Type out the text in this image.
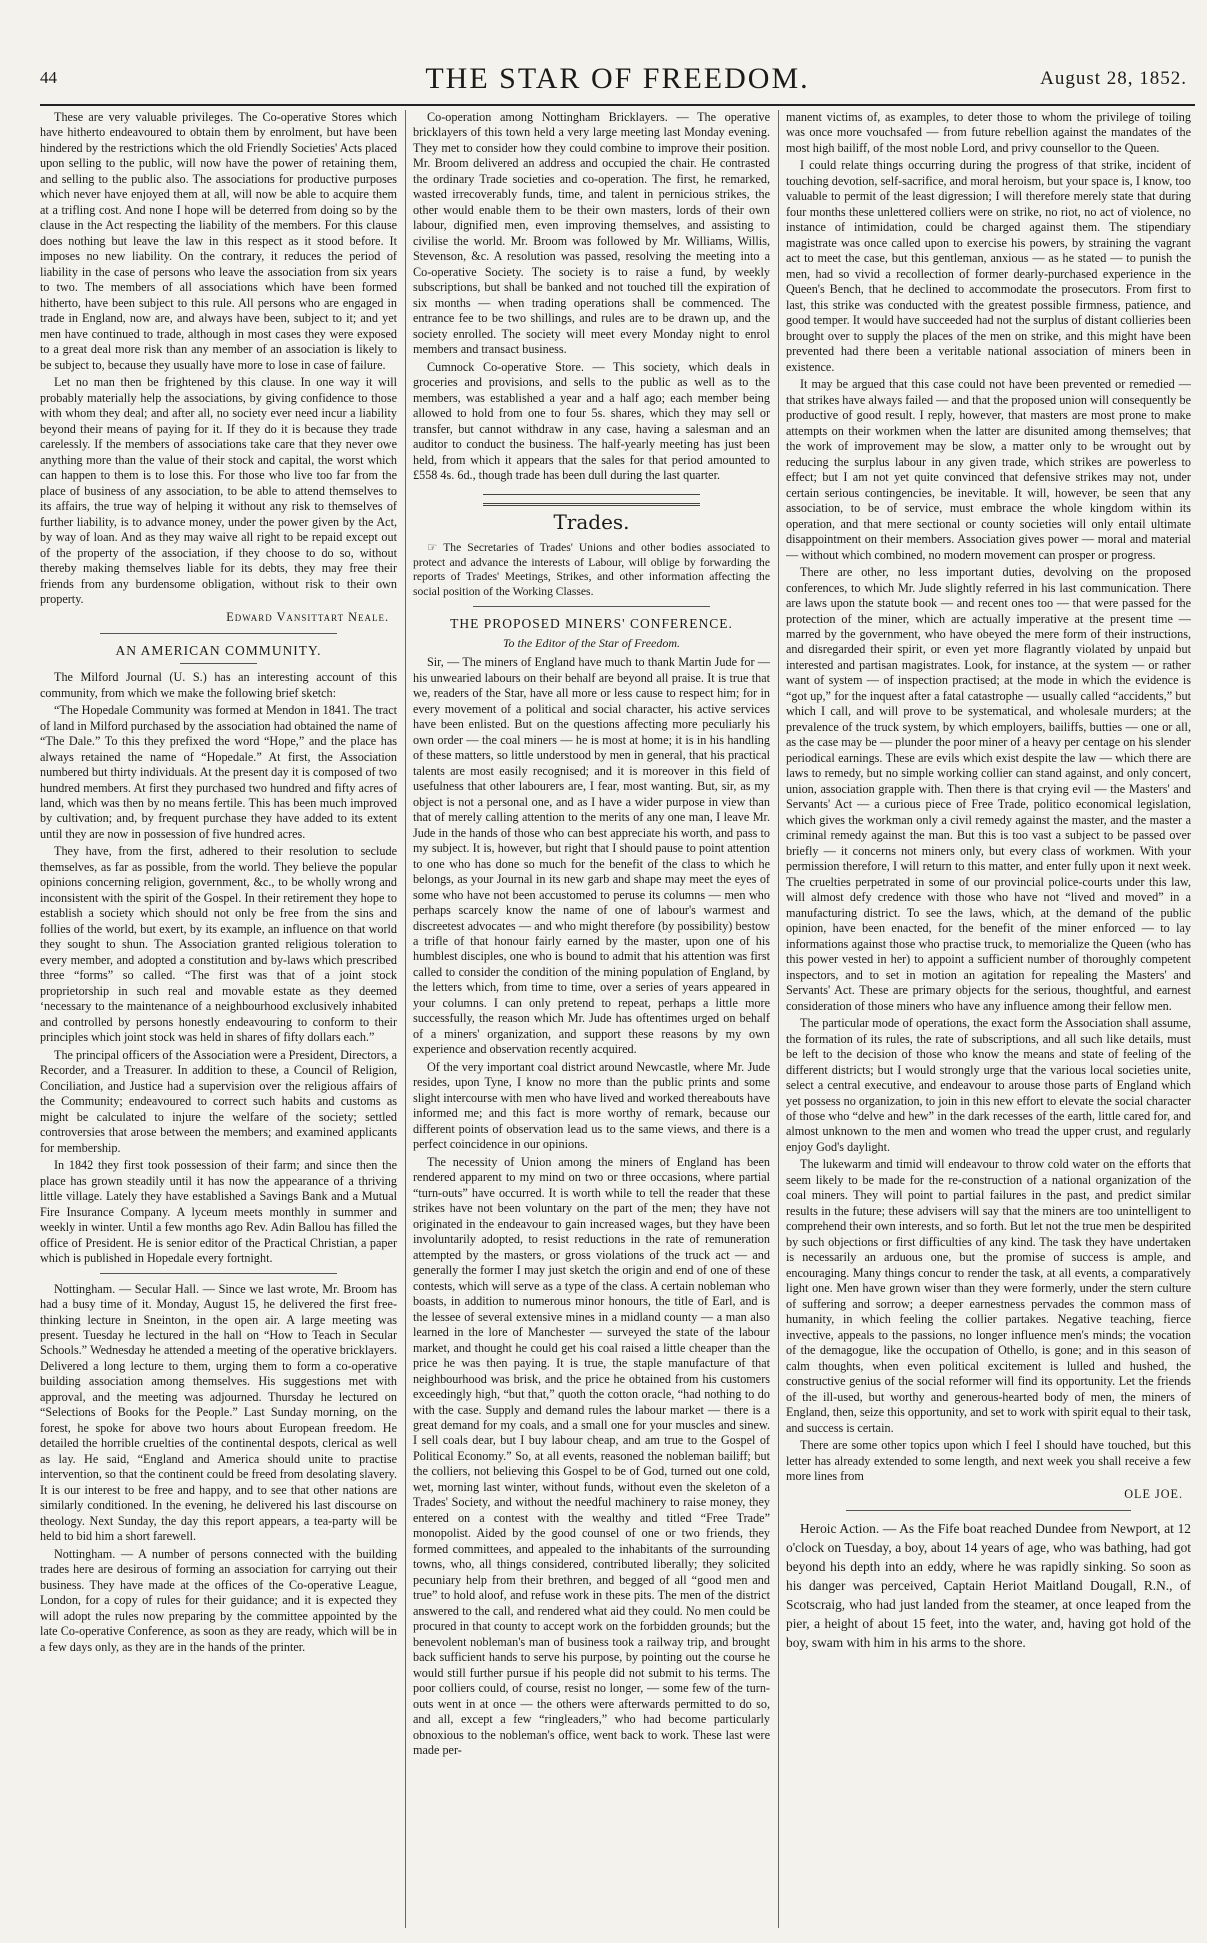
44	THE STAR OF FREEDOM.	August 28, 1852.

These are very valuable privileges. The Co-operative Stores which have hitherto endeavoured to obtain them by enrolment, but have been hindered by the restrictions which the old Friendly Societies' Acts placed upon selling to the public, will now have the power of retaining them, and selling to the public also. The associations for productive purposes which never have enjoyed them at all, will now be able to acquire them at a trifling cost. And none I hope will be deterred from doing so by the clause in the Act respecting the liability of the members. For this clause does nothing but leave the law in this respect as it stood before. It imposes no new liability. On the contrary, it reduces the period of liability in the case of persons who leave the association from six years to two. The members of all associations which have been formed hitherto, have been subject to this rule. All persons who are engaged in trade in England, now are, and always have been, subject to it; and yet men have continued to trade, although in most cases they were exposed to a great deal more risk than any member of an association is likely to be subject to, because they usually have more to lose in case of failure.

Let no man then be frightened by this clause. In one way it will probably materially help the associations, by giving confidence to those with whom they deal; and after all, no society ever need incur a liability beyond their means of paying for it. If they do it is because they trade carelessly. If the members of associations take care that they never owe anything more than the value of their stock and capital, the worst which can happen to them is to lose this. For those who live too far from the place of business of any association, to be able to attend themselves to its affairs, the true way of helping it without any risk to themselves of further liability, is to advance money, under the power given by the Act, by way of loan. And as they may waive all right to be repaid except out of the property of the association, if they choose to do so, without thereby making themselves liable for its debts, they may free their friends from any burdensome obligation, without risk to their own property.

Edward Vansittart Neale.

AN AMERICAN COMMUNITY.

The Milford Journal (U. S.) has an interesting account of this community, from which we make the following brief sketch:

“The Hopedale Community was formed at Mendon in 1841. The tract of land in Milford purchased by the association had obtained the name of “The Dale.” To this they prefixed the word “Hope,” and the place has always retained the name of “Hopedale.” At first, the Association numbered but thirty individuals. At the present day it is composed of two hundred members. At first they purchased two hundred and fifty acres of land, which was then by no means fertile. This has been much improved by cultivation; and, by frequent purchase they have added to its extent until they are now in possession of five hundred acres.

They have, from the first, adhered to their resolution to seclude themselves, as far as possible, from the world. They believe the popular opinions concerning religion, government, &c., to be wholly wrong and inconsistent with the spirit of the Gospel. In their retirement they hope to establish a society which should not only be free from the sins and follies of the world, but exert, by its example, an influence on that world they sought to shun. The Association granted religious toleration to every member, and adopted a constitution and by-laws which prescribed three “forms” so called. “The first was that of a joint stock proprietorship in such real and movable estate as they deemed ‘necessary to the maintenance of a neighbourhood exclusively inhabited and controlled by persons honestly endeavouring to conform to their principles which joint stock was held in shares of fifty dollars each.”

The principal officers of the Association were a President, Directors, a Recorder, and a Treasurer. In addition to these, a Council of Religion, Conciliation, and Justice had a supervision over the religious affairs of the Community; endeavoured to correct such habits and customs as might be calculated to injure the welfare of the society; settled controversies that arose between the members; and examined applicants for membership.

In 1842 they first took possession of their farm; and since then the place has grown steadily until it has now the appearance of a thriving little village. Lately they have established a Savings Bank and a Mutual Fire Insurance Company. A lyceum meets monthly in summer and weekly in winter. Until a few months ago Rev. Adin Ballou has filled the office of President. He is senior editor of the Practical Christian, a paper which is published in Hopedale every fortnight.

Nottingham. — Secular Hall. — Since we last wrote, Mr. Broom has had a busy time of it. Monday, August 15, he delivered the first free-thinking lecture in Sneinton, in the open air. A large meeting was present. Tuesday he lectured in the hall on “How to Teach in Secular Schools.” Wednesday he attended a meeting of the operative bricklayers. Delivered a long lecture to them, urging them to form a co-operative building association among themselves. His suggestions met with approval, and the meeting was adjourned. Thursday he lectured on “Selections of Books for the People.” Last Sunday morning, on the forest, he spoke for above two hours about European freedom. He detailed the horrible cruelties of the continental despots, clerical as well as lay. He said, “England and America should unite to practise intervention, so that the continent could be freed from desolating slavery. It is our interest to be free and happy, and to see that other nations are similarly conditioned. In the evening, he delivered his last discourse on theology. Next Sunday, the day this report appears, a tea-party will be held to bid him a short farewell.

Nottingham. — A number of persons connected with the building trades here are desirous of forming an association for carrying out their business. They have made at the offices of the Co-operative League, London, for a copy of rules for their guidance; and it is expected they will adopt the rules now preparing by the committee appointed by the late Co-operative Conference, as soon as they are ready, which will be in a few days only, as they are in the hands of the printer.

Co-operation among Nottingham Bricklayers. — The operative bricklayers of this town held a very large meeting last Monday evening. They met to consider how they could combine to improve their position. Mr. Broom delivered an address and occupied the chair. He contrasted the ordinary Trade societies and co-operation. The first, he remarked, wasted irrecoverably funds, time, and talent in pernicious strikes, the other would enable them to be their own masters, lords of their own labour, dignified men, even improving themselves, and assisting to civilise the world. Mr. Broom was followed by Mr. Williams, Willis, Stevenson, &c. A resolution was passed, resolving the meeting into a Co-operative Society. The society is to raise a fund, by weekly subscriptions, but shall be banked and not touched till the expiration of six months — when trading operations shall be commenced. The entrance fee to be two shillings, and rules are to be drawn up, and the society enrolled. The society will meet every Monday night to enrol members and transact business.

Cumnock Co-operative Store. — This society, which deals in groceries and provisions, and sells to the public as well as to the members, was established a year and a half ago; each member being allowed to hold from one to four 5s. shares, which they may sell or transfer, but cannot withdraw in any case, having a salesman and an auditor to conduct the business. The half-yearly meeting has just been held, from which it appears that the sales for that period amounted to £558 4s. 6d., though trade has been dull during the last quarter.

Trades.

☞ The Secretaries of Trades' Unions and other bodies associated to protect and advance the interests of Labour, will oblige by forwarding the reports of Trades' Meetings, Strikes, and other information affecting the social position of the Working Classes.

THE PROPOSED MINERS' CONFERENCE.

To the Editor of the Star of Freedom.

Sir, — The miners of England have much to thank Martin Jude for — his unwearied labours on their behalf are beyond all praise. It is true that we, readers of the Star, have all more or less cause to respect him; for in every movement of a political and social character, his active services have been enlisted. But on the questions affecting more peculiarly his own order — the coal miners — he is most at home; it is in his handling of these matters, so little understood by men in general, that his practical talents are most easily recognised; and it is moreover in this field of usefulness that other labourers are, I fear, most wanting. But, sir, as my object is not a personal one, and as I have a wider purpose in view than that of merely calling attention to the merits of any one man, I leave Mr. Jude in the hands of those who can best appreciate his worth, and pass to my subject. It is, however, but right that I should pause to point attention to one who has done so much for the benefit of the class to which he belongs, as your Journal in its new garb and shape may meet the eyes of some who have not been accustomed to peruse its columns — men who perhaps scarcely know the name of one of labour's warmest and discreetest advocates — and who might therefore (by possibility) bestow a trifle of that honour fairly earned by the master, upon one of his humblest disciples, one who is bound to admit that his attention was first called to consider the condition of the mining population of England, by the letters which, from time to time, over a series of years appeared in your columns. I can only pretend to repeat, perhaps a little more successfully, the reason which Mr. Jude has oftentimes urged on behalf of a miners' organization, and support these reasons by my own experience and observation recently acquired.

Of the very important coal district around Newcastle, where Mr. Jude resides, upon Tyne, I know no more than the public prints and some slight intercourse with men who have lived and worked thereabouts have informed me; and this fact is more worthy of remark, because our different points of observation lead us to the same views, and there is a perfect coincidence in our opinions.

The necessity of Union among the miners of England has been rendered apparent to my mind on two or three occasions, where partial “turn-outs” have occurred. It is worth while to tell the reader that these strikes have not been voluntary on the part of the men; they have not originated in the endeavour to gain increased wages, but they have been involuntarily adopted, to resist reductions in the rate of remuneration attempted by the masters, or gross violations of the truck act — and generally the former I may just sketch the origin and end of one of these contests, which will serve as a type of the class. A certain nobleman who boasts, in addition to numerous minor honours, the title of Earl, and is the lessee of several extensive mines in a midland county — a man also learned in the lore of Manchester — surveyed the state of the labour market, and thought he could get his coal raised a little cheaper than the price he was then paying. It is true, the staple manufacture of that neighbourhood was brisk, and the price he obtained from his customers exceedingly high, “but that,” quoth the cotton oracle, “had nothing to do with the case. Supply and demand rules the labour market — there is a great demand for my coals, and a small one for your muscles and sinew. I sell coals dear, but I buy labour cheap, and am true to the Gospel of Political Economy.” So, at all events, reasoned the nobleman bailiff; but the colliers, not believing this Gospel to be of God, turned out one cold, wet, morning last winter, without funds, without even the skeleton of a Trades' Society, and without the needful machinery to raise money, they entered on a contest with the wealthy and titled “Free Trade” monopolist. Aided by the good counsel of one or two friends, they formed committees, and appealed to the inhabitants of the surrounding towns, who, all things considered, contributed liberally; they solicited pecuniary help from their brethren, and begged of all “good men and true” to hold aloof, and refuse work in these pits. The men of the district answered to the call, and rendered what aid they could. No men could be procured in that county to accept work on the forbidden grounds; but the benevolent nobleman's man of business took a railway trip, and brought back sufficient hands to serve his purpose, by pointing out the course he would still further pursue if his people did not submit to his terms. The poor colliers could, of course, resist no longer, — some few of the turn-outs went in at once — the others were afterwards permitted to do so, and all, except a few “ringleaders,” who had become particularly obnoxious to the nobleman's office, went back to work. These last were made per-

manent victims of, as examples, to deter those to whom the privilege of toiling was once more vouchsafed — from future rebellion against the mandates of the most high bailiff, of the most noble Lord, and privy counsellor to the Queen.

I could relate things occurring during the progress of that strike, incident of touching devotion, self-sacrifice, and moral heroism, but your space is, I know, too valuable to permit of the least digression; I will therefore merely state that during four months these unlettered colliers were on strike, no riot, no act of violence, no instance of intimidation, could be charged against them. The stipendiary magistrate was once called upon to exercise his powers, by straining the vagrant act to meet the case, but this gentleman, anxious — as he stated — to punish the men, had so vivid a recollection of former dearly-purchased experience in the Queen's Bench, that he declined to accommodate the prosecutors. From first to last, this strike was conducted with the greatest possible firmness, patience, and good temper. It would have succeeded had not the surplus of distant collieries been brought over to supply the places of the men on strike, and this might have been prevented had there been a veritable national association of miners been in existence.

It may be argued that this case could not have been prevented or remedied — that strikes have always failed — and that the proposed union will consequently be productive of good result. I reply, however, that masters are most prone to make attempts on their workmen when the latter are disunited among themselves; that the work of improvement may be slow, a matter only to be wrought out by reducing the surplus labour in any given trade, which strikes are powerless to effect; but I am not yet quite convinced that defensive strikes may not, under certain serious contingencies, be inevitable. It will, however, be seen that any association, to be of service, must embrace the whole kingdom within its operation, and that mere sectional or county societies will only entail ultimate disappointment on their members. Association gives power — moral and material — without which combined, no modern movement can prosper or progress.

There are other, no less important duties, devolving on the proposed conferences, to which Mr. Jude slightly referred in his last communication. There are laws upon the statute book — and recent ones too — that were passed for the protection of the miner, which are actually imperative at the present time — marred by the government, who have obeyed the mere form of their instructions, and disregarded their spirit, or even yet more flagrantly violated by unpaid but interested and partisan magistrates. Look, for instance, at the system — or rather want of system — of inspection practised; at the mode in which the evidence is “got up,” for the inquest after a fatal catastrophe — usually called “accidents,” but which I call, and will prove to be systematical, and wholesale murders; at the prevalence of the truck system, by which employers, bailiffs, butties — one or all, as the case may be — plunder the poor miner of a heavy per centage on his slender periodical earnings. These are evils which exist despite the law — which there are laws to remedy, but no simple working collier can stand against, and only concert, union, association grapple with. Then there is that crying evil — the Masters' and Servants' Act — a curious piece of Free Trade, politico economical legislation, which gives the workman only a civil remedy against the master, and the master a criminal remedy against the man. But this is too vast a subject to be passed over briefly — it concerns not miners only, but every class of workmen. With your permission therefore, I will return to this matter, and enter fully upon it next week. The cruelties perpetrated in some of our provincial police-courts under this law, will almost defy credence with those who have not “lived and moved” in a manufacturing district. To see the laws, which, at the demand of the public opinion, have been enacted, for the benefit of the miner enforced — to lay informations against those who practise truck, to memorialize the Queen (who has this power vested in her) to appoint a sufficient number of thoroughly competent inspectors, and to set in motion an agitation for repealing the Masters' and Servants' Act. These are primary objects for the serious, thoughtful, and earnest consideration of those miners who have any influence among their fellow men.

The particular mode of operations, the exact form the Association shall assume, the formation of its rules, the rate of subscriptions, and all such like details, must be left to the decision of those who know the means and state of feeling of the different districts; but I would strongly urge that the various local societies unite, select a central executive, and endeavour to arouse those parts of England which yet possess no organization, to join in this new effort to elevate the social character of those who “delve and hew” in the dark recesses of the earth, little cared for, and almost unknown to the men and women who tread the upper crust, and regularly enjoy God's daylight.

The lukewarm and timid will endeavour to throw cold water on the efforts that seem likely to be made for the re-construction of a national organization of the coal miners. They will point to partial failures in the past, and predict similar results in the future; these advisers will say that the miners are too unintelligent to comprehend their own interests, and so forth. But let not the true men be despirited by such objections or first difficulties of any kind. The task they have undertaken is necessarily an arduous one, but the promise of success is ample, and encouraging. Many things concur to render the task, at all events, a comparatively light one. Men have grown wiser than they were formerly, under the stern culture of suffering and sorrow; a deeper earnestness pervades the common mass of humanity, in which feeling the collier partakes. Negative teaching, fierce invective, appeals to the passions, no longer influence men's minds; the vocation of the demagogue, like the occupation of Othello, is gone; and in this season of calm thoughts, when even political excitement is lulled and hushed, the constructive genius of the social reformer will find its opportunity. Let the friends of the ill-used, but worthy and generous-hearted body of men, the miners of England, then, seize this opportunity, and set to work with spirit equal to their task, and success is certain.

There are some other topics upon which I feel I should have touched, but this letter has already extended to some length, and next week you shall receive a few more lines from

OLE JOE.

Heroic Action. — As the Fife boat reached Dundee from Newport, at 12 o'clock on Tuesday, a boy, about 14 years of age, who was bathing, had got beyond his depth into an eddy, where he was rapidly sinking. So soon as his danger was perceived, Captain Heriot Maitland Dougall, R.N., of Scotscraig, who had just landed from the steamer, at once leaped from the pier, a height of about 15 feet, into the water, and, having got hold of the boy, swam with him in his arms to the shore.
